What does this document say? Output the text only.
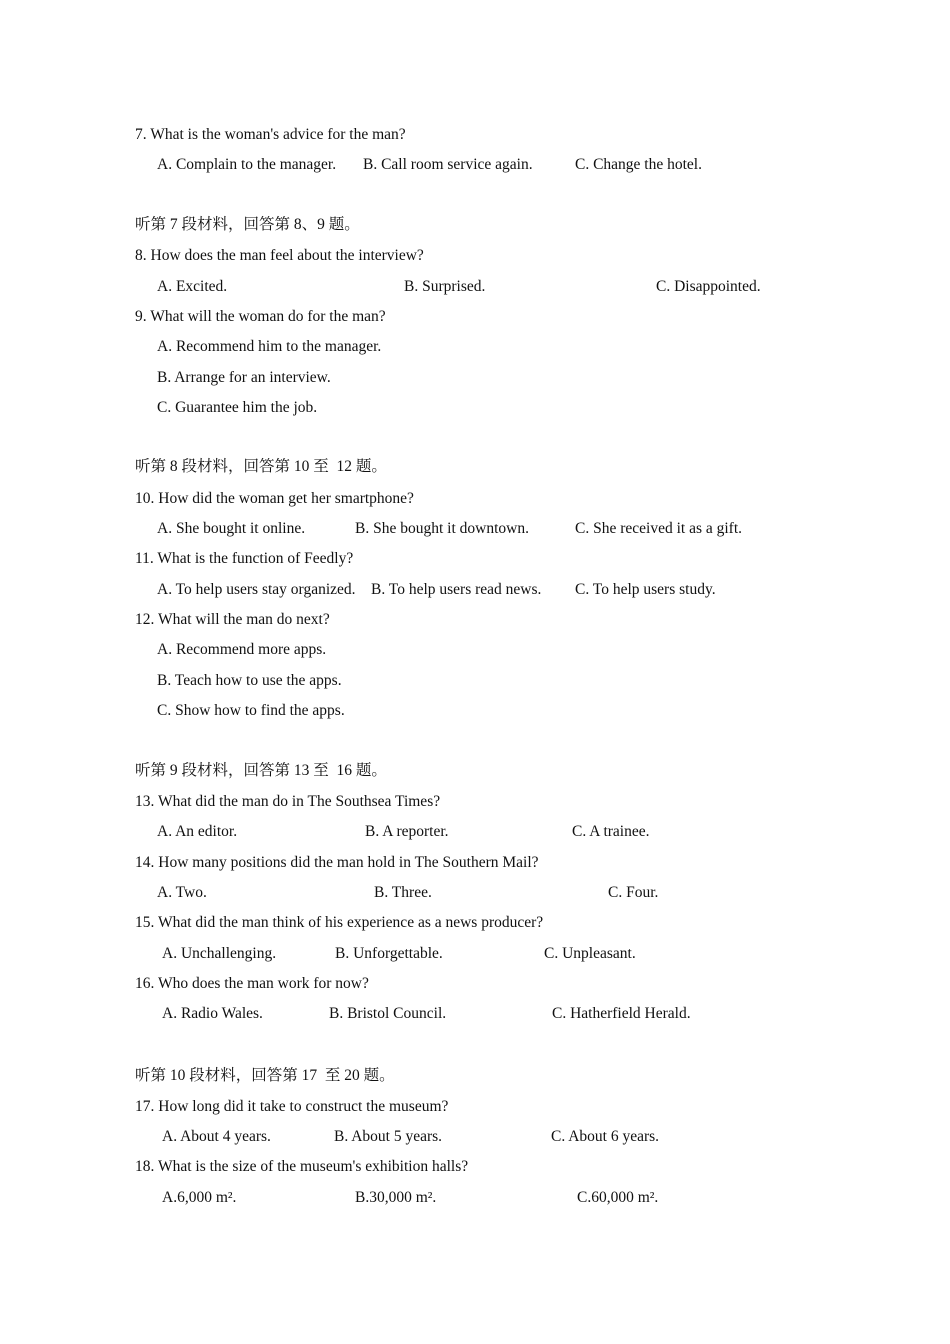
7. What is the woman's advice for the man?
A. Complain to the manager. B. Call room service again.	C. Change the hotel.
听第 7 段材料，回答第 8、9 题。
8. How does the man feel about the interview?
A. Excited.	B. Surprised.	C. Disappointed.
9. What will the woman do for the man?
A. Recommend him to the manager.
B. Arrange for an interview.
C. Guarantee him the job.
听第 8 段材料，回答第 10 至  12 题。
10. How did the woman get her smartphone?
A. She bought it online.	B. She bought it downtown.	C. She received it as a gift.
11. What is the function of Feedly?
A. To help users stay organized. B. To help users read news. C. To help users study.
12. What will the man do next?
A. Recommend more apps.
B. Teach how to use the apps.
C. Show how to find the apps.
听第 9 段材料，回答第 13 至  16 题。
13. What did the man do in The Southsea Times?
A. An editor.	B. A reporter.	C. A trainee.
14. How many positions did the man hold in The Southern Mail?
A. Two.	B. Three.	C. Four.
15. What did the man think of his experience as a news producer?
A. Unchallenging.	B. Unforgettable.	C. Unpleasant.
16. Who does the man work for now?
A. Radio Wales.	B. Bristol Council.	C. Hatherfield Herald.
听第 10 段材料，回答第 17  至 20 题。
17. How long did it take to construct the museum?
A. About 4 years.	B. About 5 years.	C. About 6 years.
18. What is the size of the museum's exhibition halls?
A.6,000 m².	B.30,000 m².	C.60,000 m².
